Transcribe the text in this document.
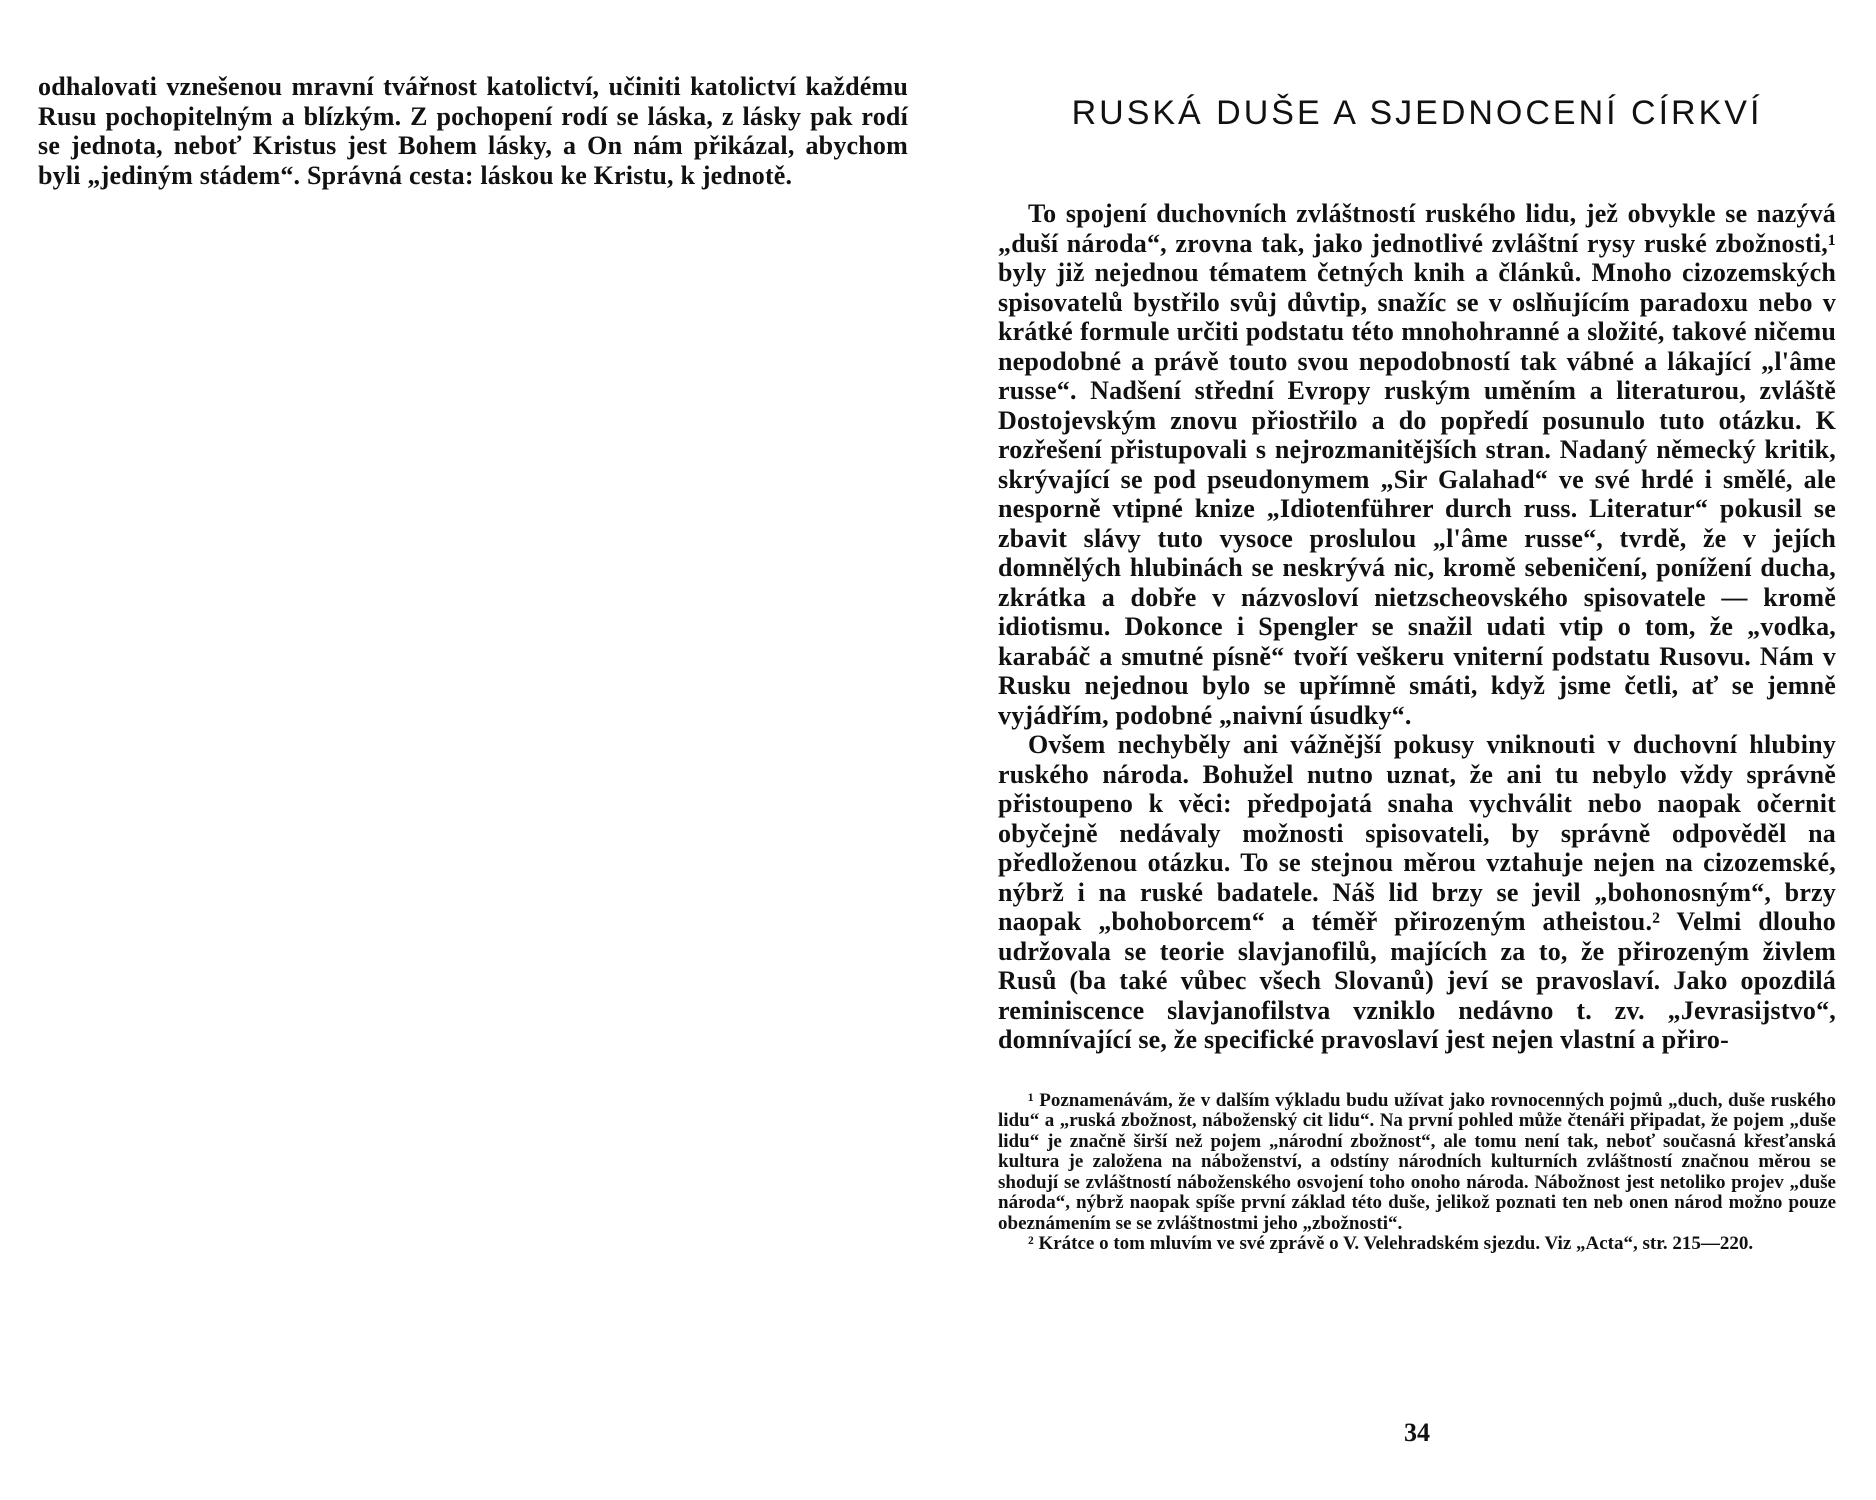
odhalovati vznešenou mravní tvářnost katolictví, učiniti katolictví každému Rusu pochopitelným a blízkým. Z pochopení rodí se láska, z lásky pak rodí se jednota, neboť Kristus jest Bohem lásky, a On nám přikázal, abychom byli „jediným stádem“. Správná cesta: láskou ke Kristu, k jednotě.

RUSKÁ DUŠE A SJEDNOCENÍ CÍRKVÍ

To spojení duchovních zvláštností ruského lidu, jež obvykle se nazývá „duší národa“, zrovna tak, jako jednotlivé zvláštní rysy ruské zbožnosti,¹ byly již nejednou tématem četných knih a článků. Mnoho cizozemských spisovatelů bystřilo svůj důvtip, snažíc se v oslňujícím paradoxu nebo v krátké formule určiti podstatu této mnohohranné a složité, takové ničemu nepodobné a právě touto svou nepodobností tak vábné a lákající „l'âme russe“. Nadšení střední Evropy ruským uměním a literaturou, zvláště Dostojevským znovu přiostřilo a do popředí posunulo tuto otázku. K rozřešení přistupovali s nejrozmanitějších stran. Nadaný německý kritik, skrývající se pod pseudonymem „Sir Galahad“ ve své hrdé i smělé, ale nesporně vtipné knize „Idiotenführer durch russ. Literatur“ pokusil se zbavit slávy tuto vysoce proslulou „l'âme russe“, tvrdě, že v jejích domnělých hlubinách se neskrývá nic, kromě sebeničení, ponížení ducha, zkrátka a dobře v názvosloví nietzscheovského spisovatele — kromě idiotismu. Dokonce i Spengler se snažil udati vtip o tom, že „vodka, karabáč a smutné písně“ tvoří veškeru vniterní podstatu Rusovu. Nám v Rusku nejednou bylo se upřímně smáti, když jsme četli, ať se jemně vyjádřím, podobné „naivní úsudky“.

Ovšem nechyběly ani vážnější pokusy vniknouti v duchovní hlubiny ruského národa. Bohužel nutno uznat, že ani tu nebylo vždy správně přistoupeno k věci: předpojatá snaha vychválit nebo naopak očernit obyčejně nedávaly možnosti spisovateli, by správně odpověděl na předloženou otázku. To se stejnou měrou vztahuje nejen na cizozemské, nýbrž i na ruské badatele. Náš lid brzy se jevil „bohonosným“, brzy naopak „bohoborcem“ a téměř přirozeným atheistou.² Velmi dlouho udržovala se teorie slavjanofilů, majících za to, že přirozeným živlem Rusů (ba také vůbec všech Slovanů) jeví se pravoslaví. Jako opozdilá reminiscence slavjanofilstva vzniklo nedávno t. zv. „Jevrasijstvo“, domnívající se, že specifické pravoslaví jest nejen vlastní a přiro-

¹ Poznamenávám, že v dalším výkladu budu užívat jako rovnocenných pojmů „duch, duše ruského lidu“ a „ruská zbožnost, náboženský cit lidu“. Na první pohled může čtenáři připadat, že pojem „duše lidu“ je značně širší než pojem „národní zbožnost“, ale tomu není tak, neboť současná křesťanská kultura je založena na náboženství, a odstíny národních kulturních zvláštností značnou měrou se shodují se zvláštností náboženského osvojení toho onoho národa. Nábožnost jest netoliko projev „duše národa“, nýbrž naopak spíše první základ této duše, jelikož poznati ten neb onen národ možno pouze obeznámením se se zvláštnostmi jeho „zbožnosti“.

² Krátce o tom mluvím ve své zprávě o V. Velehradském sjezdu. Viz „Acta“, str. 215—220.

34
